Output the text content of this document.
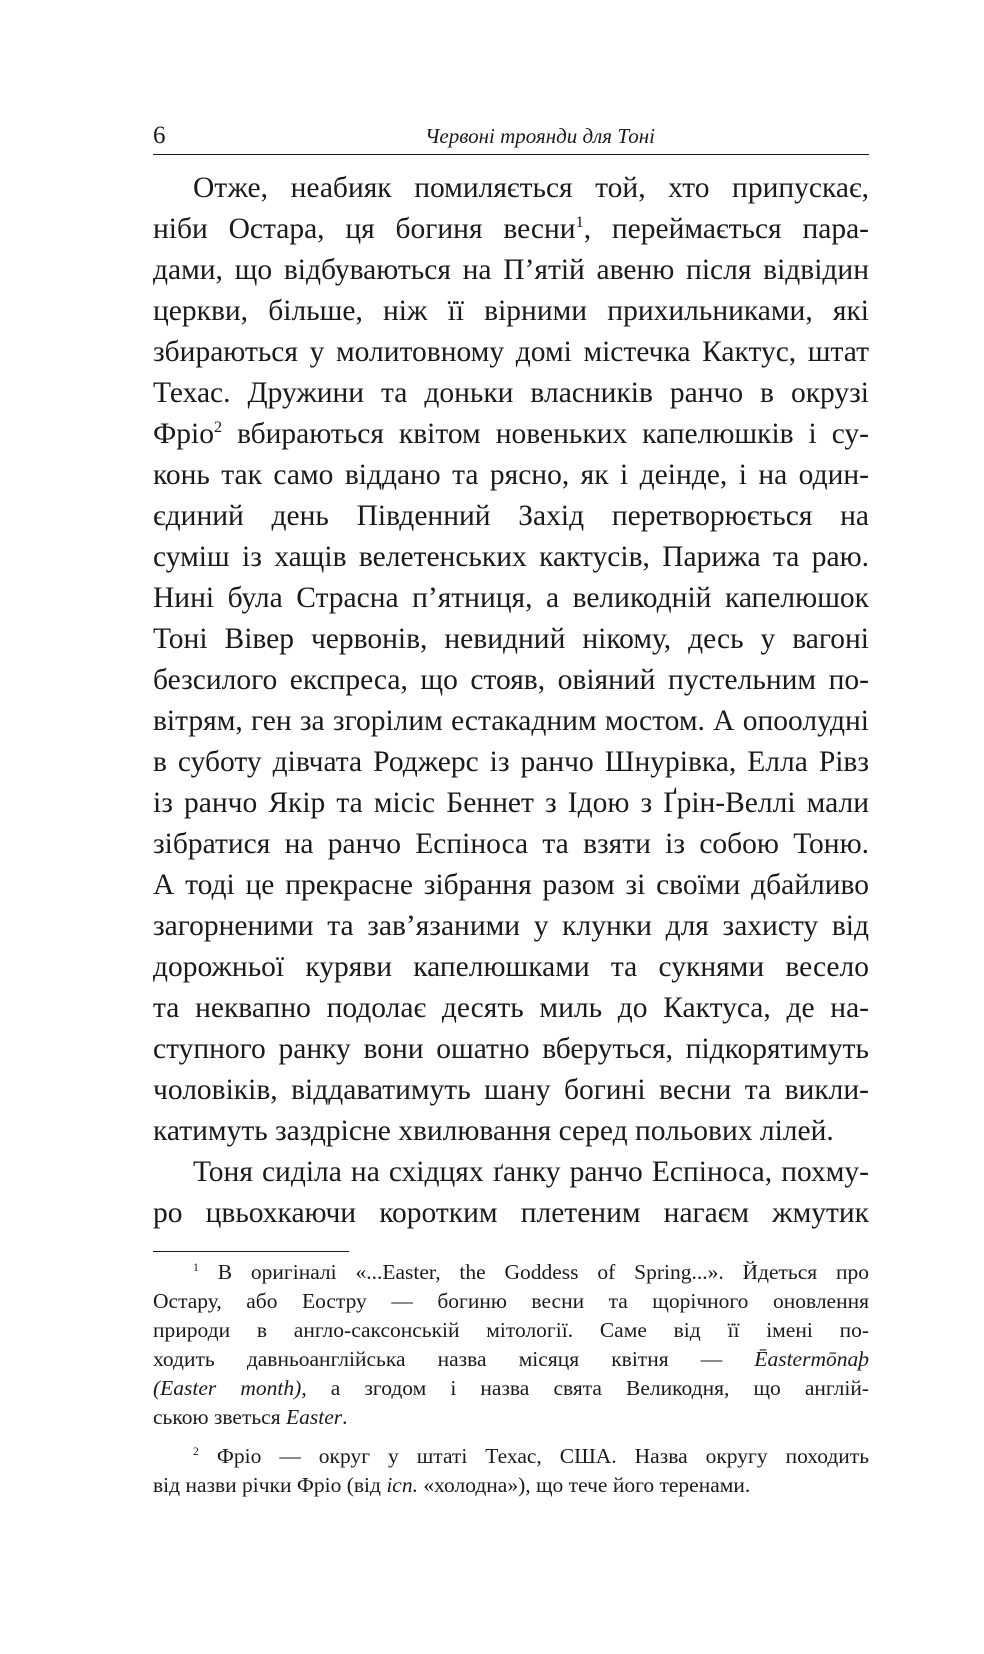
6	Червоні троянди для Тоні
Отже, неабияк помиляється той, хто припускає,
ніби Остара, ця богиня весни$^1$, переймається пара-
дами, що відбуваються на П’ятій авеню після відвідин
церкви, більше, ніж її вірними прихильниками, які
збираються у молитовному домі містечка Кактус, штат
Техас. Дружини та доньки власників ранчо в окрузі
Фріо$^2$ вбираються квітом новеньких капелюшків і су-
конь так само віддано та рясно, як і деінде, і на один-
єдиний день Південний Захід перетворюється на
суміш із хащів велетенських кактусів, Парижа та раю.
Нині була Страсна п’ятниця, а великодній капелюшок
Тоні Вівер червонів, невидний нікому, десь у вагоні
безсилого експреса, що стояв, овіяний пустельним по-
вітрям, ген за згорілим естакадним мостом. А опоолудні
в суботу дівчата Роджерс із ранчо Шнурівка, Елла Рівз
із ранчо Якір та місіс Беннет з Ідою з Ґрін-Веллі мали
зібратися на ранчо Еспіноса та взяти із собою Тоню.
А тоді це прекрасне зібрання разом зі своїми дбайливо
загорненими та зав’язаними у клунки для захисту від
дорожньої куряви капелюшками та сукнями весело
та неквапно подолає десять миль до Кактуса, де на-
ступного ранку вони ошатно вберуться, підкорятимуть
чоловіків, віддаватимуть шану богині весни та викли-
катимуть заздрісне хвилювання серед польових лілей.
Тоня сиділа на східцях ґанку ранчо Еспіноса, похму-
ро цвьохкаючи коротким плетеним нагаєм жмутик
$^1$ В оригіналі «...Easter, the Goddess of Spring...». Йдеться про
Остару, або Еостру — богиню весни та щорічного оновлення
природи в англо-саксонській мітології. Саме від її імені по-
ходить давньоанглійська назва місяця квітня — Ēastermōnaþ
(Easter month), а згодом і назва свята Великодня, що англій-
ською зветься Easter.
$^2$ Фріо — округ у штаті Техас, США. Назва округу походить
від назви річки Фріо (від ісп. «холодна»), що тече його теренами.
